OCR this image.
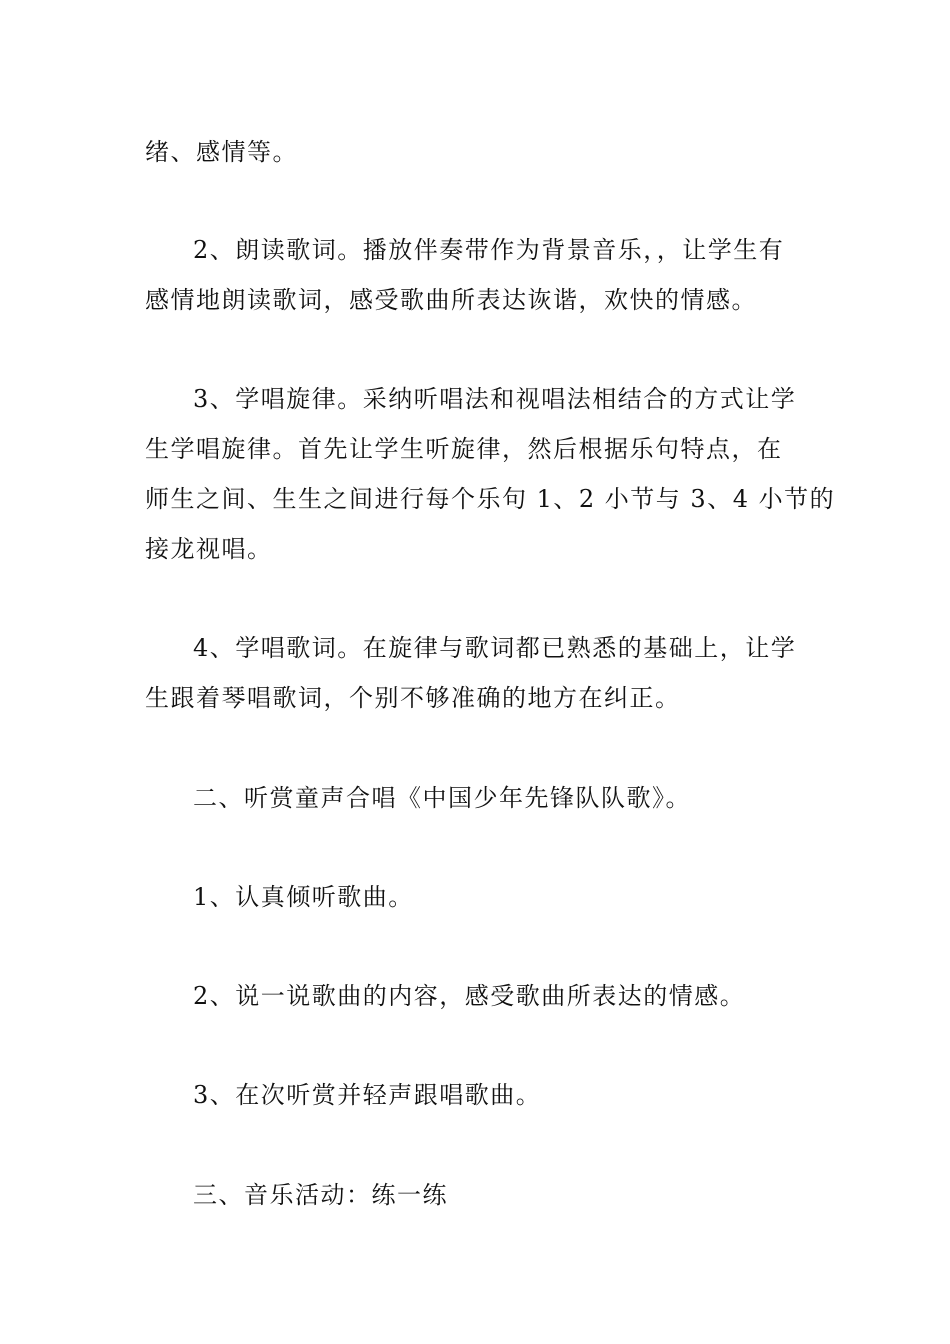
绪、感情等。
2、朗读歌词。播放伴奏带作为背景音乐，，让学生有
感情地朗读歌词，感受歌曲所表达诙谐，欢快的情感。
3、学唱旋律。采纳听唱法和视唱法相结合的方式让学
生学唱旋律。首先让学生听旋律，然后根据乐句特点，在
师生之间、生生之间进行每个乐句 1、2 小节与 3、4 小节的
接龙视唱。
4、学唱歌词。在旋律与歌词都已熟悉的基础上，让学
生跟着琴唱歌词，个别不够准确的地方在纠正。
二、听赏童声合唱《中国少年先锋队队歌》。
1、认真倾听歌曲。
2、说一说歌曲的内容，感受歌曲所表达的情感。
3、在次听赏并轻声跟唱歌曲。
三、音乐活动：练一练
